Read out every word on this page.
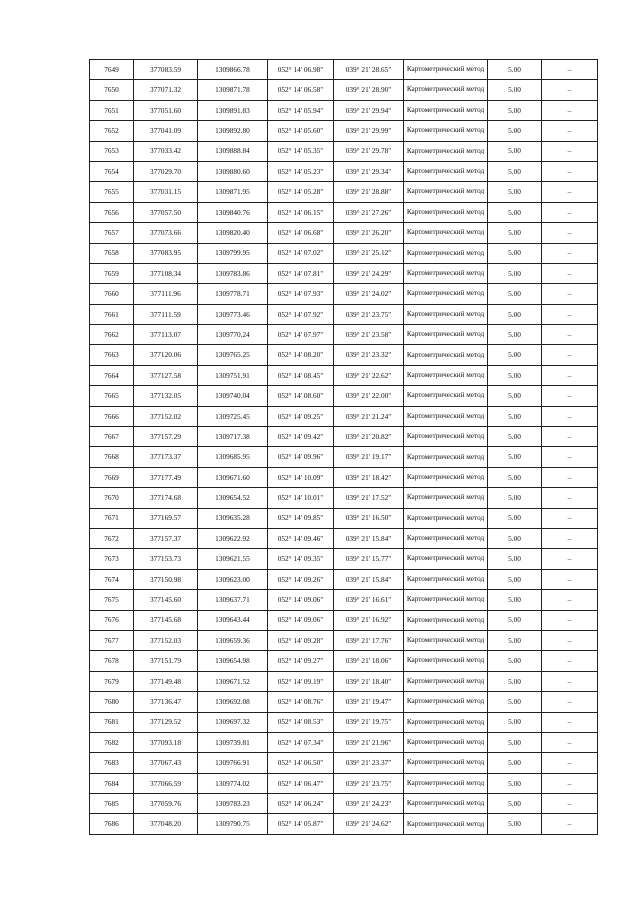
7649	377083.59	1309866.78	052° 14' 06.98"	039° 21' 28.65"	Картометрический метод	5.00	–
7650	377071.32	1309871.78	052° 14' 06.58"	039° 21' 28.90"	Картометрический метод	5.00	–
7651	377051.60	1309891.83	052° 14' 05.94"	039° 21' 29.94"	Картометрический метод	5.00	–
7652	377041.09	1309892.80	052° 14' 05.60"	039° 21' 29.99"	Картометрический метод	5.00	–
7653	377033.42	1309888.84	052° 14' 05.35"	039° 21' 29.78"	Картометрический метод	5.00	–
7654	377029.70	1309880.60	052° 14' 05.23"	039° 21' 29.34"	Картометрический метод	5.00	–
7655	377031.15	1309871.95	052° 14' 05.28"	039° 21' 28.88"	Картометрический метод	5.00	–
7656	377057.50	1309840.76	052° 14' 06.15"	039° 21' 27.26"	Картометрический метод	5.00	–
7657	377073.66	1309820.40	052° 14' 06.68"	039° 21' 26.20"	Картометрический метод	5.00	–
7658	377083.95	1309799.95	052° 14' 07.02"	039° 21' 25.12"	Картометрический метод	5.00	–
7659	377108.34	1309783.86	052° 14' 07.81"	039° 21' 24.29"	Картометрический метод	5.00	–
7660	377111.96	1309778.71	052° 14' 07.93"	039° 21' 24.02"	Картометрический метод	5.00	–
7661	377111.59	1309773.46	052° 14' 07.92"	039° 21' 23.75"	Картометрический метод	5.00	–
7662	377113.07	1309770.24	052° 14' 07.97"	039° 21' 23.58"	Картометрический метод	5.00	–
7663	377120.06	1309765.25	052° 14' 08.20"	039° 21' 23.32"	Картометрический метод	5.00	–
7664	377127.58	1309751.91	052° 14' 08.45"	039° 21' 22.62"	Картометрический метод	5.00	–
7665	377132.05	1309740.04	052° 14' 08.60"	039° 21' 22.00"	Картометрический метод	5.00	–
7666	377152.02	1309725.45	052° 14' 09.25"	039° 21' 21.24"	Картометрический метод	5.00	–
7667	377157.29	1309717.38	052° 14' 09.42"	039° 21' 20.82"	Картометрический метод	5.00	–
7668	377173.37	1309685.95	052° 14' 09.96"	039° 21' 19.17"	Картометрический метод	5.00	–
7669	377177.49	1309671.60	052° 14' 10.09"	039° 21' 18.42"	Картометрический метод	5.00	–
7670	377174.68	1309654.52	052° 14' 10.01"	039° 21' 17.52"	Картометрический метод	5.00	–
7671	377169.57	1309635.28	052° 14' 09.85"	039° 21' 16.50"	Картометрический метод	5.00	–
7672	377157.37	1309622.92	052° 14' 09.46"	039° 21' 15.84"	Картометрический метод	5.00	–
7673	377153.73	1309621.55	052° 14' 09.35"	039° 21' 15.77"	Картометрический метод	5.00	–
7674	377150.98	1309623.00	052° 14' 09.26"	039° 21' 15.84"	Картометрический метод	5.00	–
7675	377145.60	1309637.71	052° 14' 09.06"	039° 21' 16.61"	Картометрический метод	5.00	–
7676	377145.68	1309643.44	052° 14' 09.06"	039° 21' 16.92"	Картометрический метод	5.00	–
7677	377152.03	1309659.36	052° 14' 09.28"	039° 21' 17.76"	Картометрический метод	5.00	–
7678	377151.79	1309654.98	052° 14' 09.27"	039° 21' 18.06"	Картометрический метод	5.00	–
7679	377149.48	1309671.52	052° 14' 09.19"	039° 21' 18.40"	Картометрический метод	5.00	–
7680	377136.47	1309692.08	052° 14' 08.76"	039° 21' 19.47"	Картометрический метод	5.00	–
7681	377129.52	1309697.32	052° 14' 08.53"	039° 21' 19.75"	Картометрический метод	5.00	–
7682	377093.18	1309739.81	052° 14' 07.34"	039° 21' 21.96"	Картометрический метод	5.00	–
7683	377067.43	1309766.91	052° 14' 06.50"	039° 21' 23.37"	Картометрический метод	5.00	–
7684	377066.59	1309774.02	052° 14' 06.47"	039° 21' 23.75"	Картометрический метод	5.00	–
7685	377059.76	1309783.23	052° 14' 06.24"	039° 21' 24.23"	Картометрический метод	5.00	–
7686	377048.20	1309790.75	052° 14' 05.87"	039° 21' 24.62"	Картометрический метод	5.00	–
